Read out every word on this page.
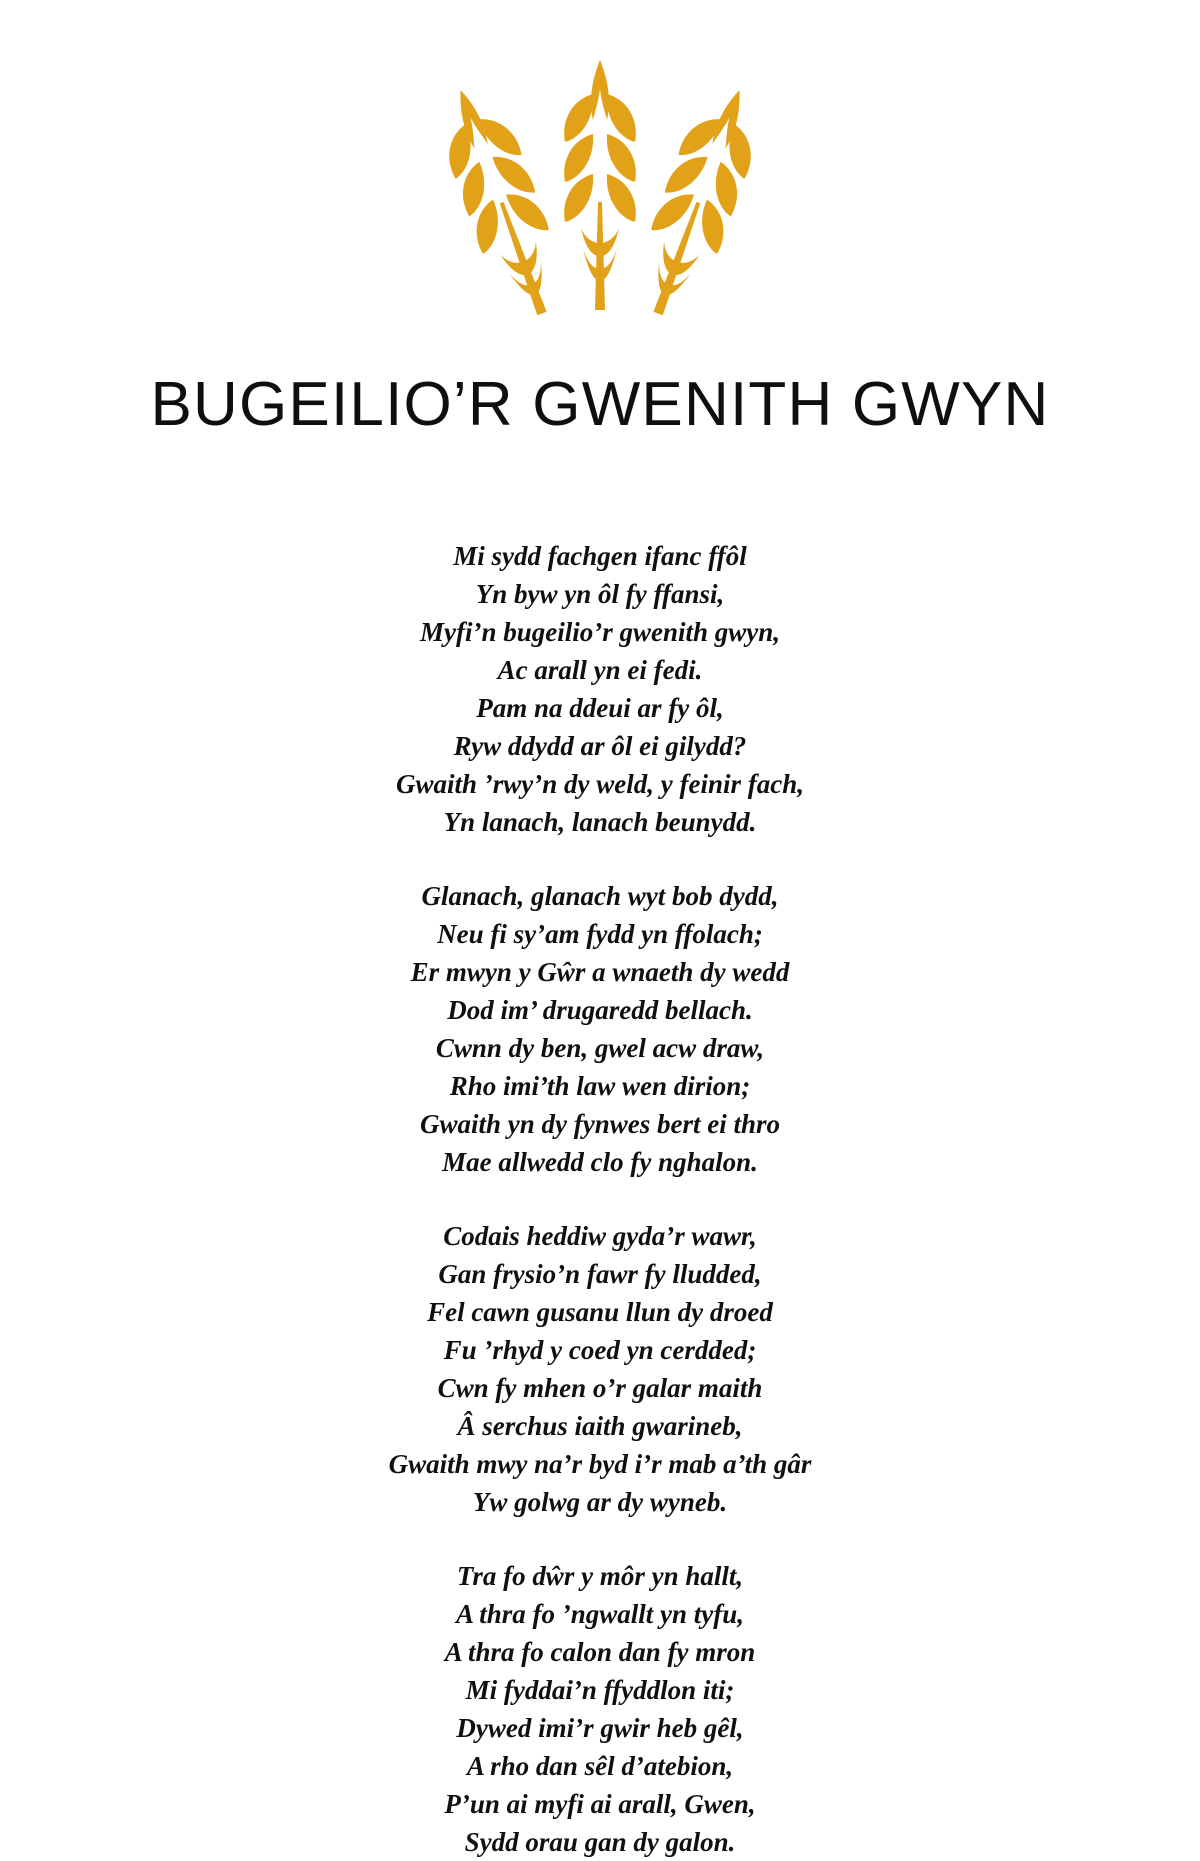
BUGEILIO’R GWENITH GWYN
Mi sydd fachgen ifanc ffôl
Yn byw yn ôl fy ffansi,
Myfi’n bugeilio’r gwenith gwyn,
Ac arall yn ei fedi.
Pam na ddeui ar fy ôl,
Ryw ddydd ar ôl ei gilydd?
Gwaith ’rwy’n dy weld, y feinir fach,
Yn lanach, lanach beunydd.
Glanach, glanach wyt bob dydd,
Neu fi sy’am fydd yn ffolach;
Er mwyn y Gŵr a wnaeth dy wedd
Dod im’ drugaredd bellach.
Cwnn dy ben, gwel acw draw,
Rho imi’th law wen dirion;
Gwaith yn dy fynwes bert ei thro
Mae allwedd clo fy nghalon.
Codais heddiw gyda’r wawr,
Gan frysio’n fawr fy lludded,
Fel cawn gusanu llun dy droed
Fu ’rhyd y coed yn cerdded;
Cwn fy mhen o’r galar maith
Â serchus iaith gwarineb,
Gwaith mwy na’r byd i’r mab a’th gâr
Yw golwg ar dy wyneb.
Tra fo dŵr y môr yn hallt,
A thra fo ’ngwallt yn tyfu,
A thra fo calon dan fy mron
Mi fyddai’n ffyddlon iti;
Dywed imi’r gwir heb gêl,
A rho dan sêl d’atebion,
P’un ai myfi ai arall, Gwen,
Sydd orau gan dy galon.
